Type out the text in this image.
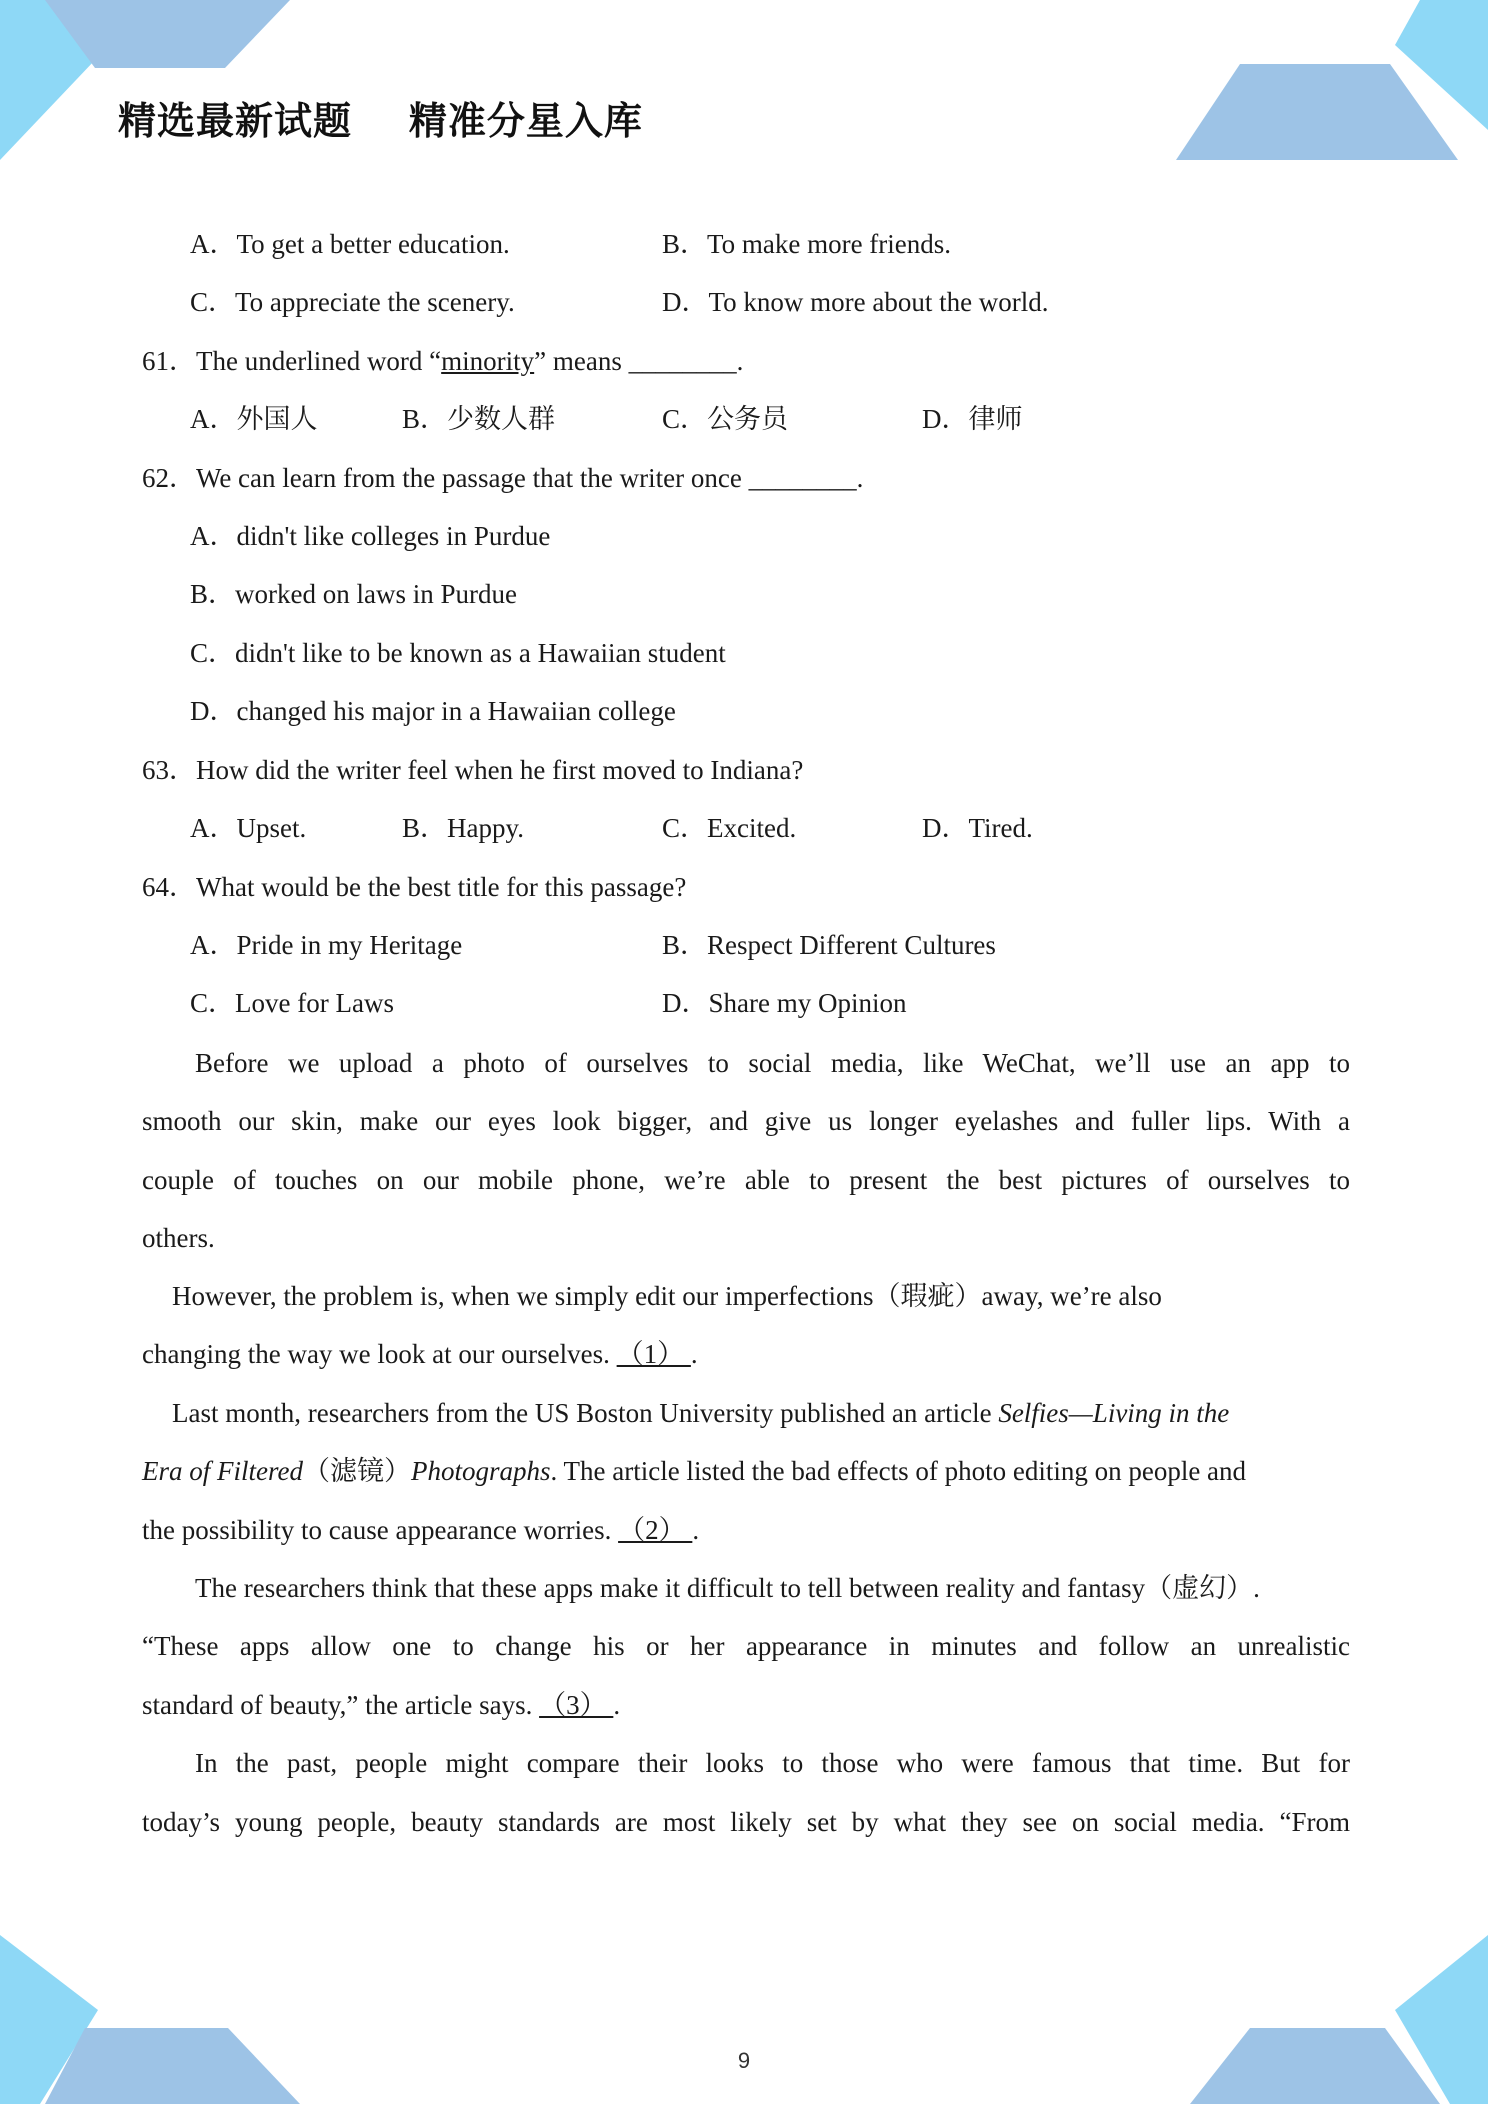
精选最新试题    精准分星入库
A．To get a better education.	B．To make more friends.
C．To appreciate the scenery.	D．To know more about the world.
61．The underlined word “minority” means ________.
A．外国人	B．少数人群	C．公务员	D．律师
62．We can learn from the passage that the writer once ________.
A．didn't like colleges in Purdue
B．worked on laws in Purdue
C．didn't like to be known as a Hawaiian student
D．changed his major in a Hawaiian college
63．How did the writer feel when he first moved to Indiana?
A．Upset.	B．Happy.	C．Excited.	D．Tired.
64．What would be the best title for this passage?
A．Pride in my Heritage	B．Respect Different Cultures
C．Love for Laws	D．Share my Opinion
Before we upload a photo of ourselves to social media, like WeChat, we’ll use an app to
smooth our skin, make our eyes look bigger, and give us longer eyelashes and fuller lips. With a
couple of touches on our mobile phone, we’re able to present the best pictures of ourselves to
others.
However, the problem is, when we simply edit our imperfections（瑕疵）away, we’re also
changing the way we look at our ourselves. （1） .
Last month, researchers from the US Boston University published an article Selfies—Living in the
Era of Filtered（滤镜）Photographs. The article listed the bad effects of photo editing on people and
the possibility to cause appearance worries. （2） .
The researchers think that these apps make it difficult to tell between reality and fantasy（虚幻）.
“These apps allow one to change his or her appearance in minutes and follow an unrealistic
standard of beauty,” the article says. （3） .
In the past, people might compare their looks to those who were famous that time. But for
today’s young people, beauty standards are most likely set by what they see on social media. “From
9
